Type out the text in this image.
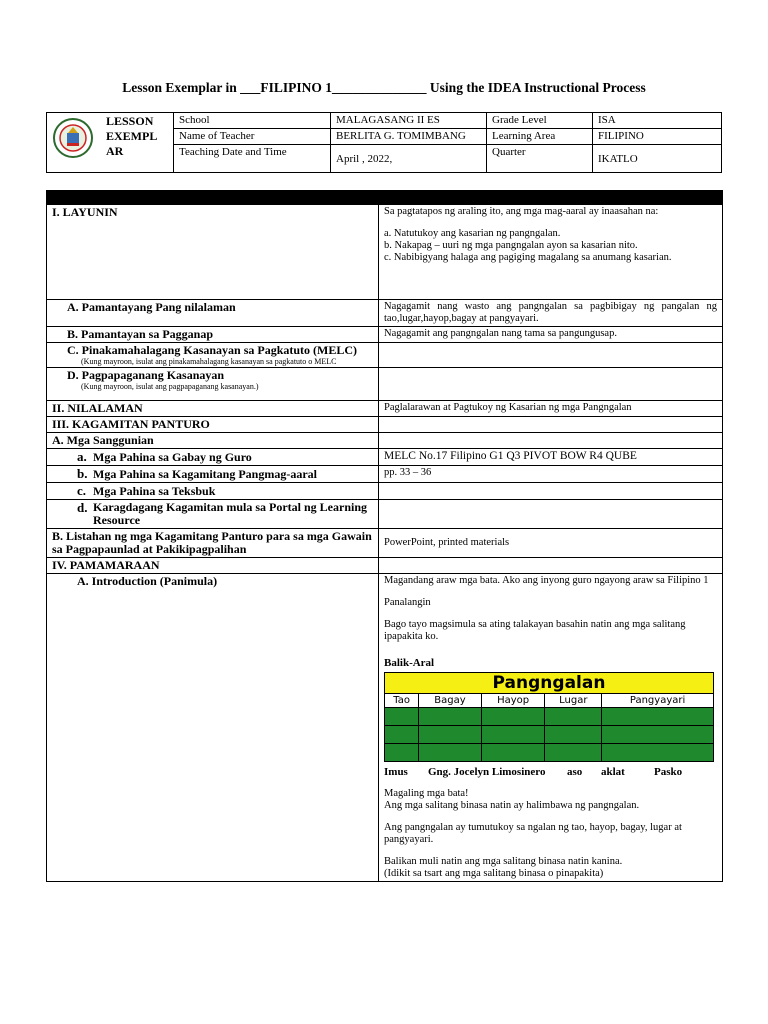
Lesson Exemplar in ___FILIPINO 1______________ Using the IDEA Instructional Process
LESSON EXEMPL AR	School	MALAGASANG II ES	Grade Level	ISA
	Name of Teacher	BERLITA G. TOMIMBANG	Learning Area	FILIPINO
	Teaching Date and Time	April , 2022,	Quarter	IKATLO

I. LAYUNIN	Sa pagtatapos ng araling ito, ang mga mag-aaral ay inaasahan na:
a. Natutukoy ang kasarian ng pangngalan.
b. Nakapag – uuri ng mga pangngalan ayon sa kasarian nito.
c. Nabibigyang halaga ang pagiging magalang sa anumang kasarian.

A. Pamantayang Pang nilalaman	Nagagamit nang wasto ang pangngalan sa pagbibigay ng pangalan ng tao,lugar,hayop,bagay at pangyayari.

B. Pamantayan sa Pagganap	Nagagamit ang pangngalan nang tama sa pangungusap.

C. Pinakamahalagang Kasanayan sa Pagkatuto (MELC)
(Kung mayroon, isulat ang pinakamahalagang kasanayan sa pagkatuto o MELC

D. Pagpapaganang Kasanayan
(Kung mayroon, isulat ang pagpapaganang kasanayan.)

II. NILALAMAN	Paglalarawan at Pagtukoy ng Kasarian ng mga Pangngalan

III. KAGAMITAN PANTURO

A. Mga Sanggunian

a. Mga Pahina sa Gabay ng Guro	MELC No.17 Filipino G1 Q3 PIVOT BOW R4 QUBE

b. Mga Pahina sa Kagamitang Pangmag-aaral	pp. 33 – 36

c. Mga Pahina sa Teksbuk

d. Karagdagang Kagamitan mula sa Portal ng Learning Resource

B. Listahan ng mga Kagamitang Panturo para sa mga Gawain sa Pagpapaunlad at Pakikipagpalihan	PowerPoint, printed materials

IV. PAMAMARAAN

A. Introduction (Panimula)	Magandang araw mga bata. Ako ang inyong guro ngayong araw sa Filipino 1
Panalangin
Bago tayo magsimula sa ating talakayan basahin natin ang mga salitang ipapakita ko.
Balik-Aral
Pangngalan
Tao	Bagay	Hayop	Lugar	Pangyayari

Imus	Gng. Jocelyn Limosinero	aso	aklat	Pasko
Magaling mga bata!
Ang mga salitang binasa natin ay halimbawa ng pangngalan.
Ang pangngalan ay tumutukoy sa ngalan ng tao, hayop, bagay, lugar at pangyayari.
Balikan muli natin ang mga salitang binasa natin kanina.
(Idikit sa tsart ang mga salitang binasa o pinapakita)
